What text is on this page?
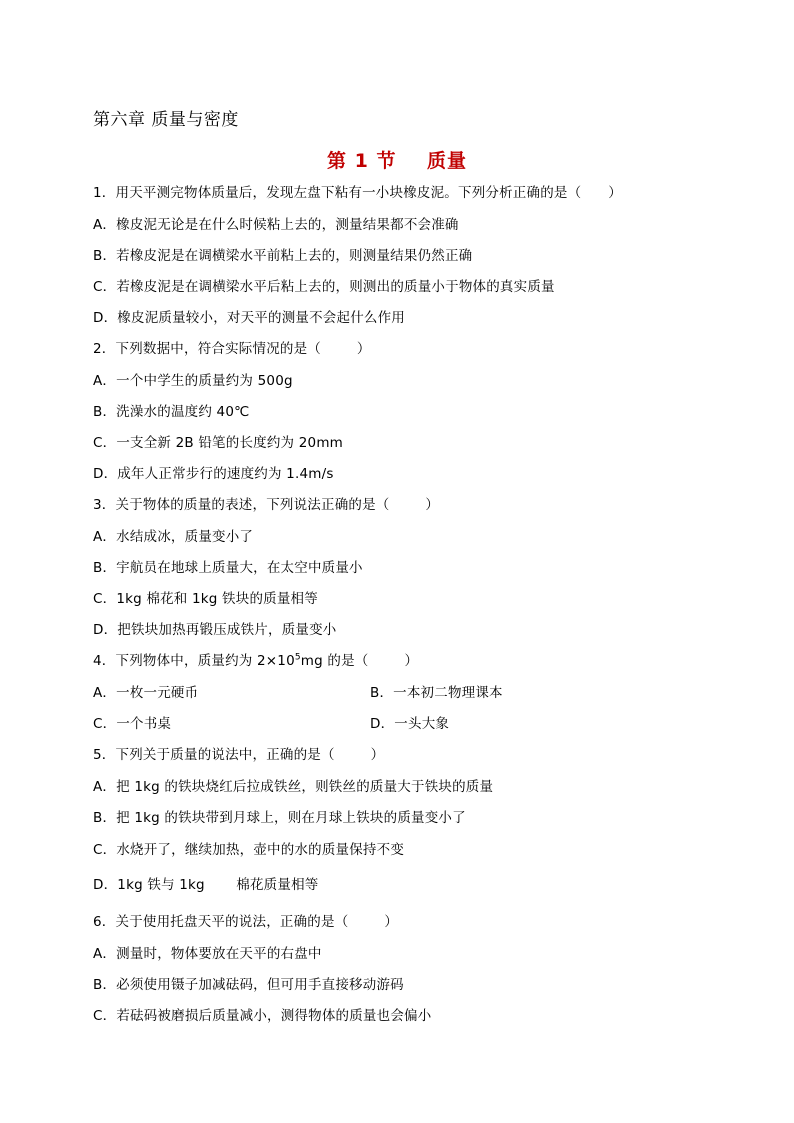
第六章 质量与密度
第 1 节    质量
1．用天平测完物体质量后，发现左盘下粘有一小块橡皮泥。下列分析正确的是（      ）
A．橡皮泥无论是在什么时候粘上去的，测量结果都不会准确
B．若橡皮泥是在调横梁水平前粘上去的，则测量结果仍然正确
C．若橡皮泥是在调横梁水平后粘上去的，则测出的质量小于物体的真实质量
D．橡皮泥质量较小，对天平的测量不会起什么作用
2．下列数据中，符合实际情况的是（        ）
A．一个中学生的质量约为 500g
B．洗澡水的温度约 40℃
C．一支全新 2B 铅笔的长度约为 20mm
D．成年人正常步行的速度约为 1.4m/s
3．关于物体的质量的表述，下列说法正确的是（        ）
A．水结成冰，质量变小了
B．宇航员在地球上质量大，在太空中质量小
C．1kg 棉花和 1kg 铁块的质量相等
D．把铁块加热再锻压成铁片，质量变小
4．下列物体中，质量约为 $2\times 10^5mg$ 的是（        ）
A．一枚一元硬币	B．一本初二物理课本
C．一个书桌	D．一头大象
5．下列关于质量的说法中，正确的是（        ）
A．把 1kg 的铁块烧红后拉成铁丝，则铁丝的质量大于铁块的质量
B．把 1kg 的铁块带到月球上，则在月球上铁块的质量变小了
C．水烧开了，继续加热，壶中的水的质量保持不变
D．1kg 铁与 1kg       棉花质量相等
6．关于使用托盘天平的说法，正确的是（        ）
A．测量时，物体要放在天平的右盘中
B．必须使用镊子加减砝码，但可用手直接移动游码
C．若砝码被磨损后质量减小，测得物体的质量也会偏小
